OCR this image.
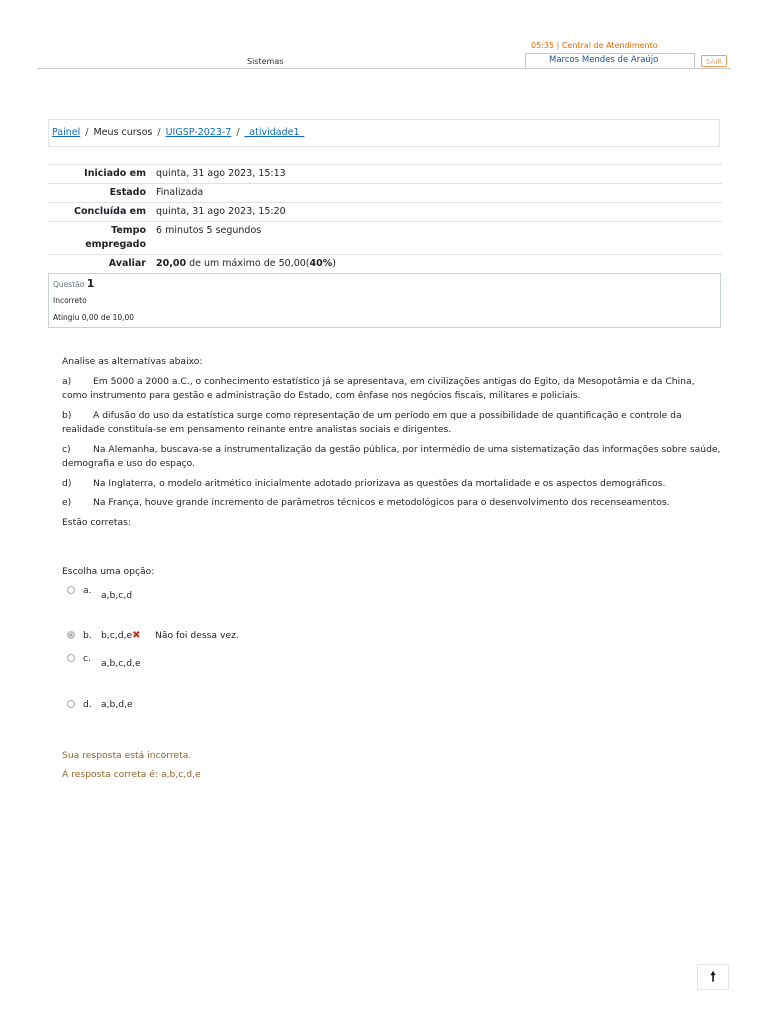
05:35 | Central de Atendimento
Marcos Mendes de Araújo	SAIR
Sistemas
Painel / Meus cursos / UIGSP-2023-7 / _atividade1_
Iniciado em	quinta, 31 ago 2023, 15:13
Estado	Finalizada
Concluída em	quinta, 31 ago 2023, 15:20
Tempo empregado	6 minutos 5 segundos
Avaliar	20,00 de um máximo de 50,00(40%)
Questão 1
Incorreto
Atingiu 0,00 de 10,00

Analise as alternativas abaixo:

a) Em 5000 a 2000 a.C., o conhecimento estatístico já se apresentava, em civilizações antigas do Egito, da Mesopotâmia e da China, como instrumento para gestão e administração do Estado, com ênfase nos negócios fiscais, militares e policiais.

b) A difusão do uso da estatística surge como representação de um período em que a possibilidade de quantificação e controle da realidade constituía-se em pensamento reinante entre analistas sociais e dirigentes.

c) Na Alemanha, buscava-se a instrumentalização da gestão pública, por intermédio de uma sistematização das informações sobre saúde, demografia e uso do espaço.

d) Na Inglaterra, o modelo aritmético inicialmente adotado priorizava as questões da mortalidade e os aspectos demográficos.

e) Na França, houve grande incremento de parâmetros técnicos e metodológicos para o desenvolvimento dos recenseamentos.

Estão corretas:

Escolha uma opção:
a. a,b,c,d
b. b,c,d,e✖ Não foi dessa vez.
c. a,b,c,d,e
d. a,b,d,e
Sua resposta está incorreta.
A resposta correta é: a,b,c,d,e
🠕
